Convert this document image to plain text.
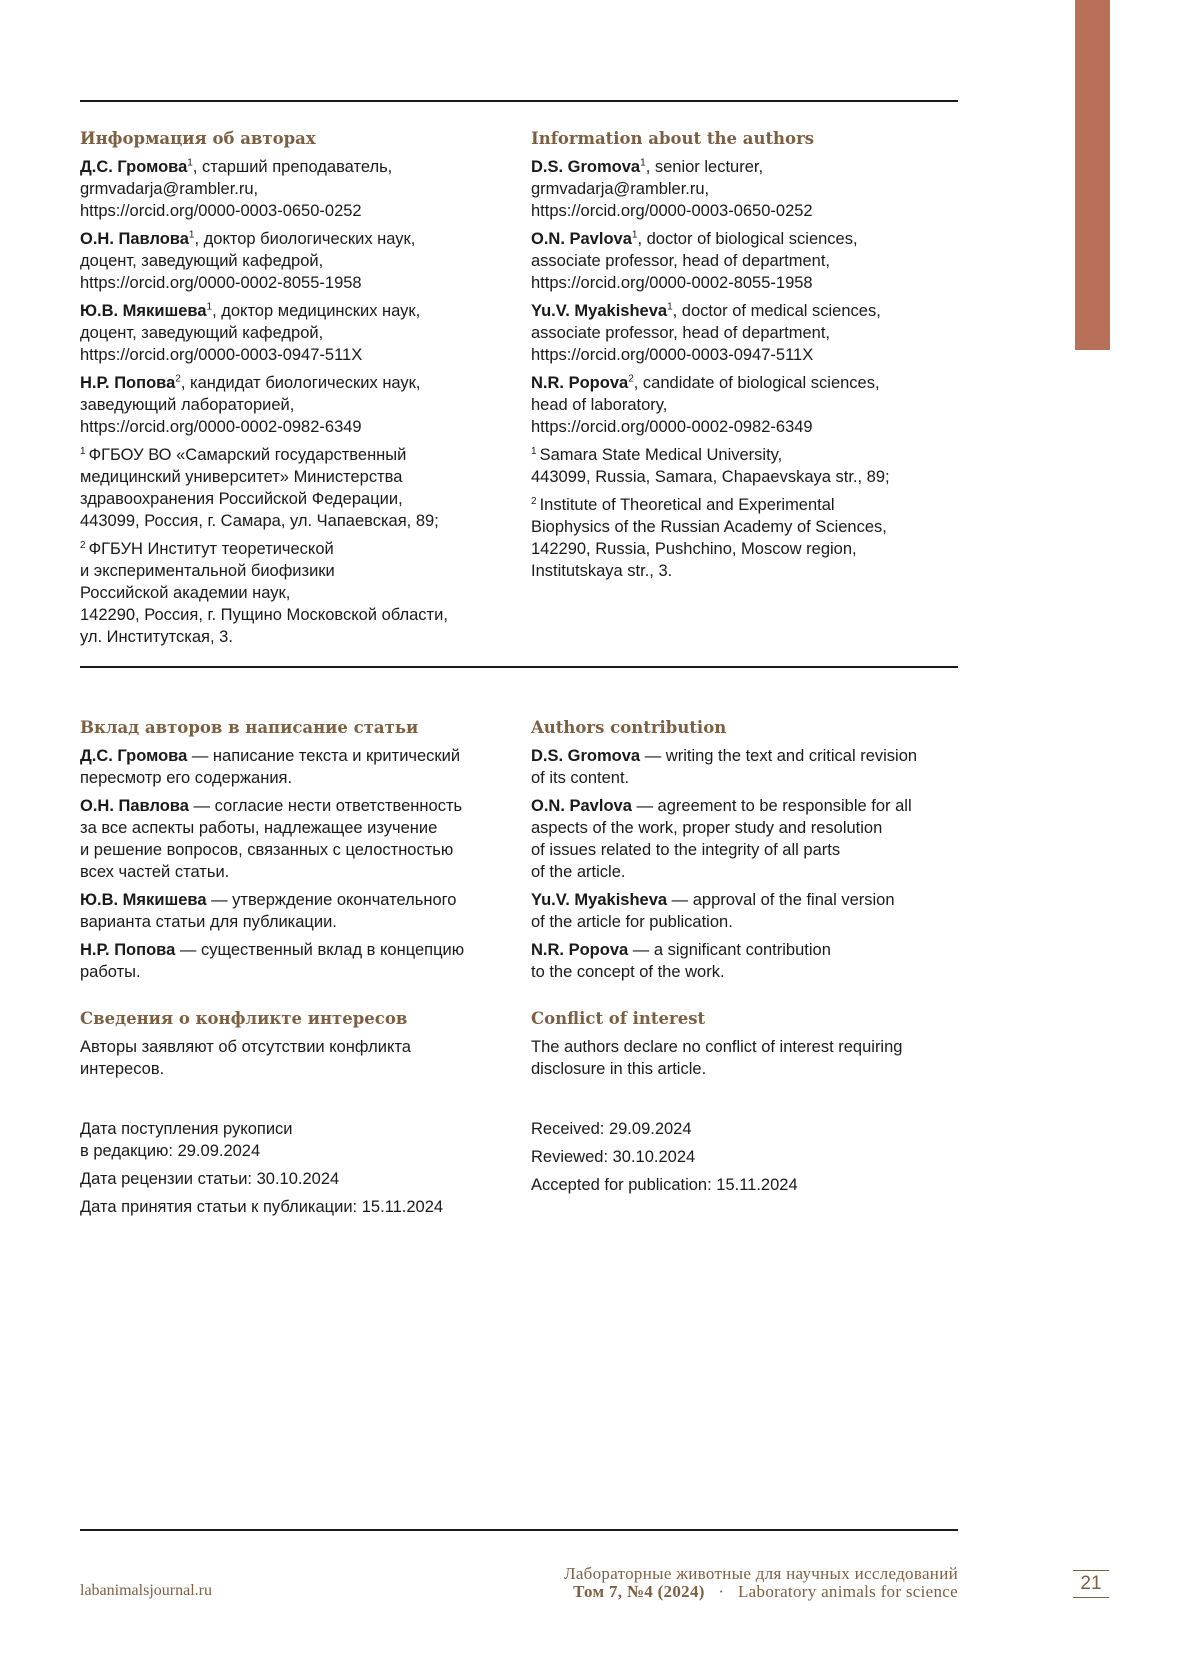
Информация об авторах
Д.С. Громова$^1$, старший преподаватель,
grmvadarja@rambler.ru,
https://orcid.org/0000-0003-0650-0252
О.Н. Павлова$^1$, доктор биологических наук,
доцент, заведующий кафедрой,
https://orcid.org/0000-0002-8055-1958
Ю.В. Мякишева$^1$, доктор медицинских наук,
доцент, заведующий кафедрой,
https://orcid.org/0000-0003-0947-511X
Н.Р. Попова$^2$, кандидат биологических наук,
заведующий лабораторией,
https://orcid.org/0000-0002-0982-6349
$^1$ ФГБОУ ВО «Самарский государственный
медицинский университет» Министерства
здравоохранения Российской Федерации,
443099, Россия, г. Самара, ул. Чапаевская, 89;
$^2$ ФГБУН Институт теоретической
и экспериментальной биофизики
Российской академии наук,
142290, Россия, г. Пущино Московской области,
ул. Институтская, 3.
Information about the authors
D.S. Gromova$^1$, senior lecturer,
grmvadarja@rambler.ru,
https://orcid.org/0000-0003-0650-0252
O.N. Pavlova$^1$, doctor of biological sciences,
associate professor, head of department,
https://orcid.org/0000-0002-8055-1958
Yu.V. Myakisheva$^1$, doctor of medical sciences,
associate professor, head of department,
https://orcid.org/0000-0003-0947-511X
N.R. Popova$^2$, candidate of biological sciences,
head of laboratory,
https://orcid.org/0000-0002-0982-6349
$^1$ Samara State Medical University,
443099, Russia, Samara, Chapaevskaya str., 89;
$^2$ Institute of Theoretical and Experimental
Biophysics of the Russian Academy of Sciences,
142290, Russia, Pushchino, Moscow region,
Institutskaya str., 3.
Вклад авторов в написание статьи
Д.С. Громова — написание текста и критический
пересмотр его содержания.
О.Н. Павлова — согласие нести ответственность
за все аспекты работы, надлежащее изучение
и решение вопросов, связанных с целостностью
всех частей статьи.
Ю.В. Мякишева — утверждение окончательного
варианта статьи для публикации.
Н.Р. Попова — существенный вклад в концепцию
работы.
Сведения о конфликте интересов
Авторы заявляют об отсутствии конфликта
интересов.
Дата поступления рукописи
в редакцию: 29.09.2024
Дата рецензии статьи: 30.10.2024
Дата принятия статьи к публикации: 15.11.2024
Authors contribution
D.S. Gromova — writing the text and critical revision
of its content.
O.N. Pavlova — agreement to be responsible for all
aspects of the work, proper study and resolution
of issues related to the integrity of all parts
of the article.
Yu.V. Myakisheva — approval of the final version
of the article for publication.
N.R. Popova — a significant contribution
to the concept of the work.
Conflict of interest
The authors declare no conflict of interest requiring
disclosure in this article.
Received: 29.09.2024
Reviewed: 30.10.2024
Accepted for publication: 15.11.2024
labanimalsjournal.ru
Лабораторные животные для научных исследований
Том 7, №4 (2024) · Laboratory animals for science	21
